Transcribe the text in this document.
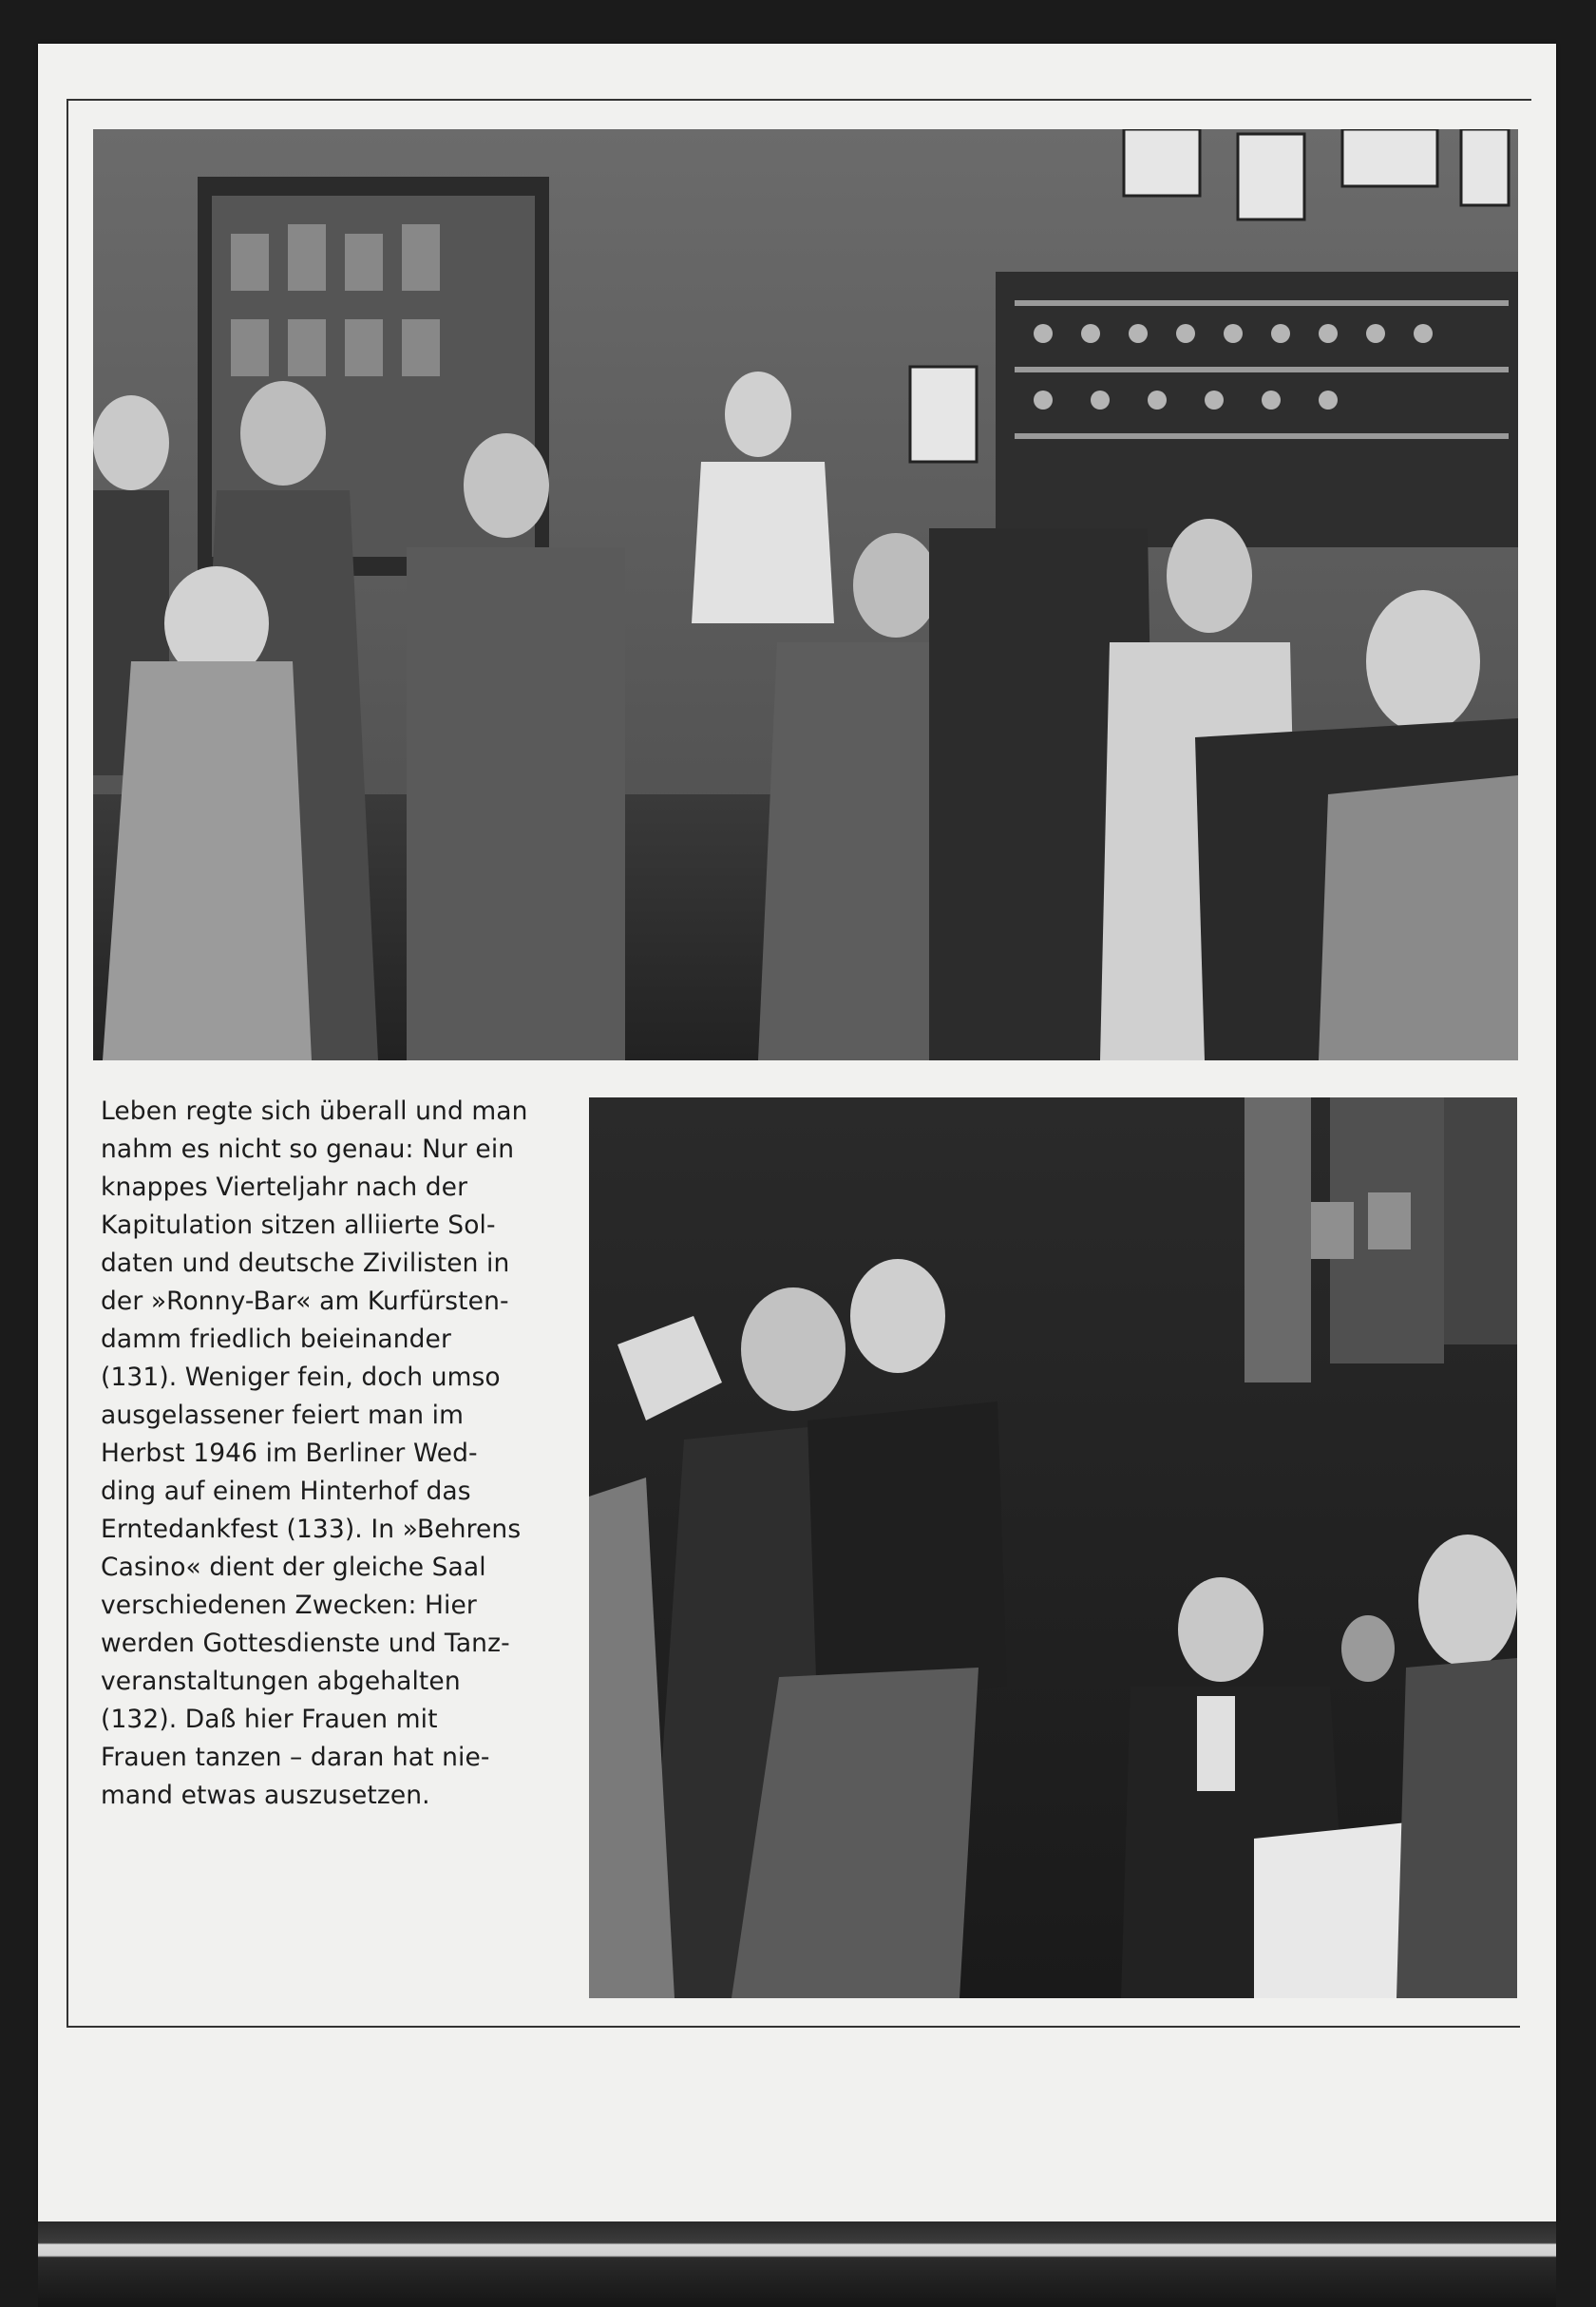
Leben regte sich überall und man
nahm es nicht so genau: Nur ein
knappes Vierteljahr nach der
Kapitulation sitzen alliierte Sol-
daten und deutsche Zivilisten in
der »Ronny-Bar« am Kurfürsten-
damm friedlich beieinander
(131). Weniger fein, doch umso
ausgelassener feiert man im
Herbst 1946 im Berliner Wed-
ding auf einem Hinterhof das
Erntedankfest (133). In »Behrens
Casino« dient der gleiche Saal
verschiedenen Zwecken: Hier
werden Gottesdienste und Tanz-
veranstaltungen abgehalten
(132). Daß hier Frauen mit
Frauen tanzen – daran hat nie-
mand etwas auszusetzen.
